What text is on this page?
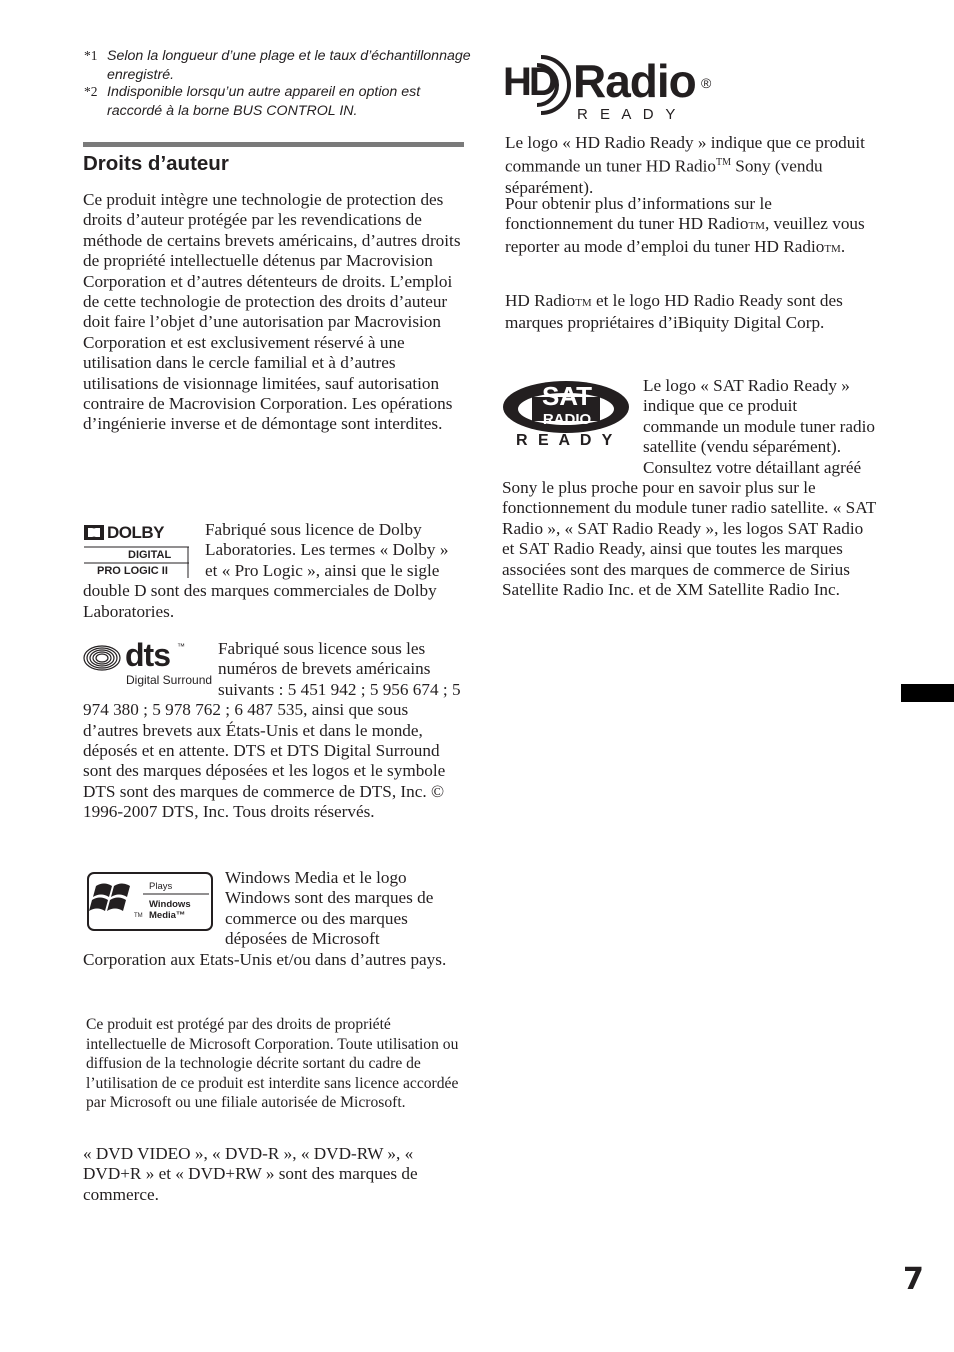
*1 Selon la longueur d’une plage et le taux d’échantillonnage enregistré.
*2 Indisponible lorsqu’un autre appareil en option est raccordé à la borne BUS CONTROL IN.
Droits d’auteur
Ce produit intègre une technologie de protection des droits d’auteur protégée par les revendications de méthode de certains brevets américains, d’autres droits de propriété intellectuelle détenus par Macrovision Corporation et d’autres détenteurs de droits. L’emploi de cette technologie de protection des droits d’auteur doit faire l’objet d’une autorisation par Macrovision Corporation et est exclusivement réservé à une utilisation dans le cercle familial et à d’autres utilisations de visionnage limitées, sauf autorisation contraire de Macrovision Corporation. Les opérations d’ingénierie inverse et de démontage sont interdites.
DOLBY
DIGITAL
PRO LOGIC II

Fabriqué sous licence de Dolby Laboratories. Les termes « Dolby » et « Pro Logic », ainsi que le sigle double D sont des marques commerciales de Dolby Laboratories.

dts ™
Digital Surround

Fabriqué sous licence sous les numéros de brevets américains suivants : 5 451 942 ; 5 956 674 ; 5 974 380 ; 5 978 762 ; 6 487 535, ainsi que sous d’autres brevets aux États-Unis et dans le monde, déposés et en attente. DTS et DTS Digital Surround sont des marques déposées et les logos et le symbole DTS sont des marques de commerce de DTS, Inc. © 1996-2007 DTS, Inc. Tous droits réservés.

Plays
Windows
Media™
TM

Windows Media et le logo Windows sont des marques de commerce ou des marques déposées de Microsoft Corporation aux Etats-Unis et/ou dans d’autres pays.

Ce produit est protégé par des droits de propriété intellectuelle de Microsoft Corporation. Toute utilisation ou diffusion de la technologie décrite sortant du cadre de l’utilisation de ce produit est interdite sans licence accordée par Microsoft ou une filiale autorisée de Microsoft.
« DVD VIDEO », « DVD-R », « DVD-RW », « DVD+R » et « DVD+RW » sont des marques de commerce.
HD Radio ®
R E A D Y
Le logo « HD Radio Ready » indique que ce produit commande un tuner HD Radio™ Sony (vendu séparément).
Pour obtenir plus d’informations sur le fonctionnement du tuner HD RadioTM, veuillez vous reporter au mode d’emploi du tuner HD RadioTM.
HD RadioTM et le logo HD Radio Ready sont des marques propriétaires d’iBiquity Digital Corp.
SAT
RADIO
R E A D Y

Le logo « SAT Radio Ready » indique que ce produit commande un module tuner radio satellite (vendu séparément). Consultez votre détaillant agréé Sony le plus proche pour en savoir plus sur le fonctionnement du module tuner radio satellite. « SAT Radio », « SAT Radio Ready », les logos SAT Radio et SAT Radio Ready, ainsi que toutes les marques associées sont des marques de commerce de Sirius Satellite Radio Inc. et de XM Satellite Radio Inc.

7
